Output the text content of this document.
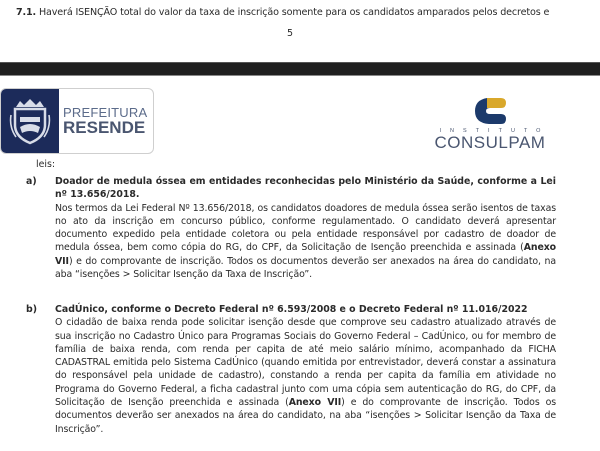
7.1. Haverá ISENÇÃO total do valor da taxa de inscrição somente para os candidatos amparados pelos decretos e
5
PREFEITURA
RESENDE	INSTITUTO
CONSULPAM
leis:
a) Doador de medula óssea em entidades reconhecidas pelo Ministério da Saúde, conforme a Lei nº 13.656/2018.
Nos termos da Lei Federal Nº 13.656/2018, os candidatos doadores de medula óssea serão isentos de taxas no ato da inscrição em concurso público, conforme regulamentado. O candidato deverá apresentar documento expedido pela entidade coletora ou pela entidade responsável por cadastro de doador de medula óssea, bem como cópia do RG, do CPF, da Solicitação de Isenção preenchida e assinada (Anexo VII) e do comprovante de inscrição. Todos os documentos deverão ser anexados na área do candidato, na aba “isenções > Solicitar Isenção da Taxa de Inscrição”.
b) CadÚnico, conforme o Decreto Federal nº 6.593/2008 e o Decreto Federal nº 11.016/2022
O cidadão de baixa renda pode solicitar isenção desde que comprove seu cadastro atualizado através de sua inscrição no Cadastro Único para Programas Sociais do Governo Federal – CadÚnico, ou for membro de família de baixa renda, com renda per capita de até meio salário mínimo, acompanhado da FICHA CADASTRAL emitida pelo Sistema CadÚnico (quando emitida por entrevistador, deverá constar a assinatura do responsável pela unidade de cadastro), constando a renda per capita da família em atividade no Programa do Governo Federal, a ficha cadastral junto com uma cópia sem autenticação do RG, do CPF, da Solicitação de Isenção preenchida e assinada (Anexo VII) e do comprovante de inscrição. Todos os documentos deverão ser anexados na área do candidato, na aba “isenções > Solicitar Isenção da Taxa de Inscrição”.
